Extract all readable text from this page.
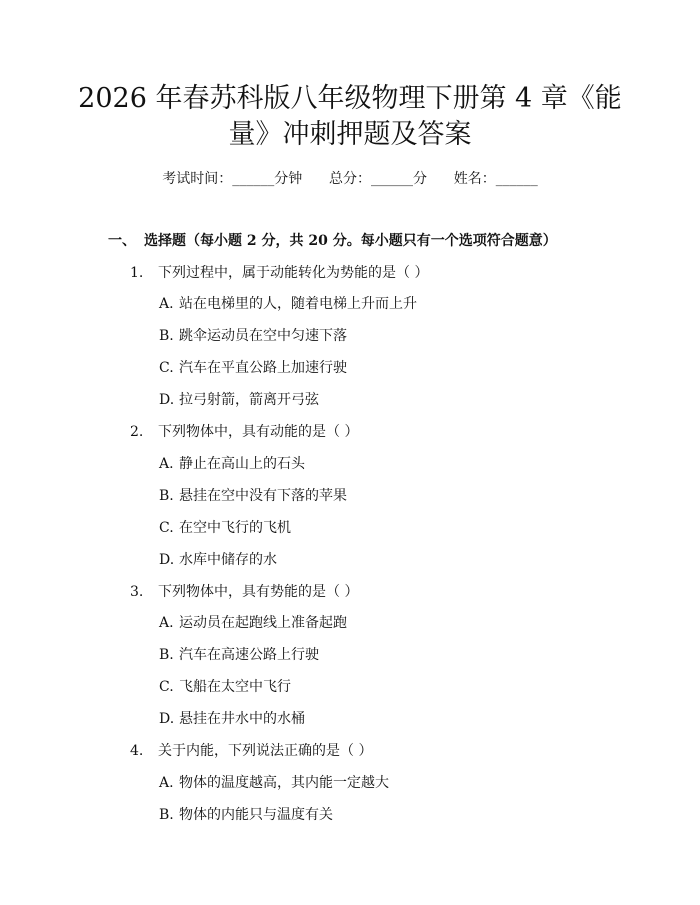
2026 年春苏科版八年级物理下册第 4 章《能
量》冲刺押题及答案
考试时间：______分钟      总分：______分      姓名：______
一、 选择题（每小题 2 分，共 20 分。每小题只有一个选项符合题意）
1. 下列过程中，属于动能转化为势能的是（ ）
A. 站在电梯里的人，随着电梯上升而上升
B. 跳伞运动员在空中匀速下落
C. 汽车在平直公路上加速行驶
D. 拉弓射箭，箭离开弓弦
2. 下列物体中，具有动能的是（ ）
A. 静止在高山上的石头
B. 悬挂在空中没有下落的苹果
C. 在空中飞行的飞机
D. 水库中储存的水
3. 下列物体中，具有势能的是（ ）
A. 运动员在起跑线上准备起跑
B. 汽车在高速公路上行驶
C. 飞船在太空中飞行
D. 悬挂在井水中的水桶
4. 关于内能，下列说法正确的是（ ）
A. 物体的温度越高，其内能一定越大
B. 物体的内能只与温度有关
